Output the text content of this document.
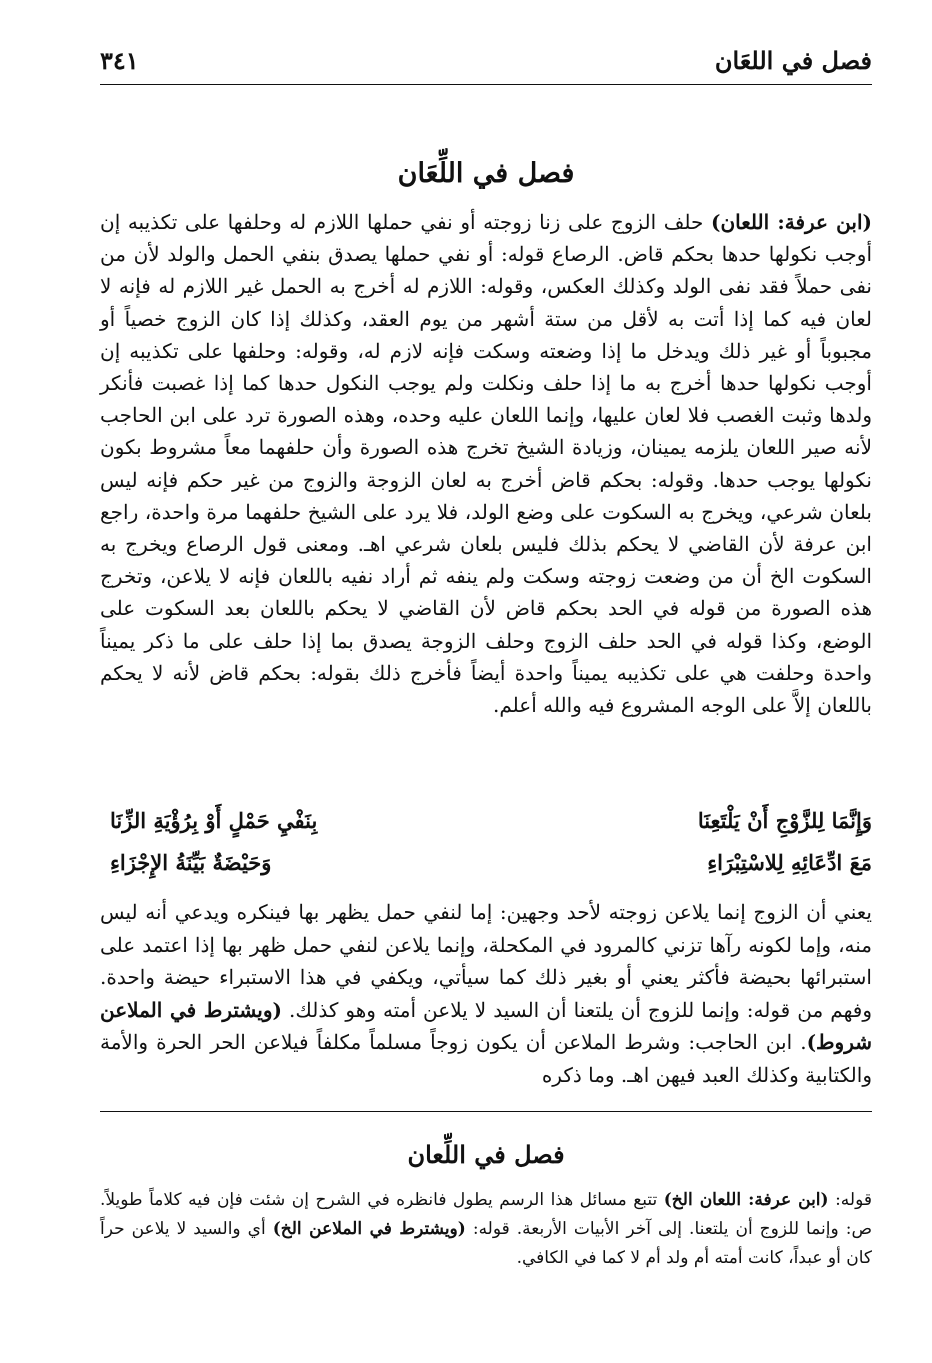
فصل في اللعَان
٣٤١
فصل في اللِّعَان

(ابن عرفة: اللعان) حلف الزوج على زنا زوجته أو نفي حملها اللازم له وحلفها على تكذيبه إن أوجب نكولها حدها بحكم قاض. الرصاع قوله: أو نفي حملها يصدق بنفي الحمل والولد لأن من نفى حملاً فقد نفى الولد وكذلك العكس، وقوله: اللازم له أخرج به الحمل غير اللازم له فإنه لا لعان فيه كما إذا أتت به لأقل من ستة أشهر من يوم العقد، وكذلك إذا كان الزوج خصياً أو مجبوباً أو غير ذلك ويدخل ما إذا وضعته وسكت فإنه لازم له، وقوله: وحلفها على تكذيبه إن أوجب نكولها حدها أخرج به ما إذا حلف ونكلت ولم يوجب النكول حدها كما إذا غصبت فأنكر ولدها وثبت الغصب فلا لعان عليها، وإنما اللعان عليه وحده، وهذه الصورة ترد على ابن الحاجب لأنه صير اللعان يلزمه يمينان، وزيادة الشيخ تخرج هذه الصورة وأن حلفهما معاً مشروط بكون نكولها يوجب حدها. وقوله: بحكم قاض أخرج به لعان الزوجة والزوج من غير حكم فإنه ليس بلعان شرعي، ويخرج به السكوت على وضع الولد، فلا يرد على الشيخ حلفهما مرة واحدة، راجع ابن عرفة لأن القاضي لا يحكم بذلك فليس بلعان شرعي اهـ. ومعنى قول الرصاع ويخرج به السكوت الخ أن من وضعت زوجته وسكت ولم ينفه ثم أراد نفيه باللعان فإنه لا يلاعن، وتخرج هذه الصورة من قوله في الحد بحكم قاض لأن القاضي لا يحكم باللعان بعد السكوت على الوضع، وكذا قوله في الحد حلف الزوج وحلف الزوجة يصدق بما إذا حلف على ما ذكر يميناً واحدة وحلفت هي على تكذيبه يميناً واحدة أيضاً فأخرج ذلك بقوله: بحكم قاض لأنه لا يحكم باللعان إلاَّ على الوجه المشروع فيه والله أعلم.

وَإِنَّمَا لِلزَّوْجِ أَنْ يَلْتَعِنَا
بِنَفْيِ حَمْلٍ أَوْ بِرُؤْيَةِ الزِّنَا
مَعَ ادِّعَائِهِ لِلاسْتِبْرَاءِ
وَحَيْضَةٌ بَيِّنَةُ الإِجْزَاءِ
يعني أن الزوج إنما يلاعن زوجته لأحد وجهين: إما لنفي حمل يظهر بها فينكره ويدعي أنه ليس منه، وإما لكونه رآها تزني كالمرود في المكحلة، وإنما يلاعن لنفي حمل ظهر بها إذا اعتمد على استبرائها بحيضة فأكثر يعني أو بغير ذلك كما سيأتي، ويكفي في هذا الاستبراء حيضة واحدة. وفهم من قوله: وإنما للزوج أن يلتعنا أن السيد لا يلاعن أمته وهو كذلك. (ويشترط في الملاعن شروط). ابن الحاجب: وشرط الملاعن أن يكون زوجاً مسلماً مكلفاً فيلاعن الحر الحرة والأمة والكتابية وكذلك العبد فيهن اهـ. وما ذكره
فصل في اللِّعان
قوله: (ابن عرفة: اللعان الخ) تتبع مسائل هذا الرسم يطول فانظره في الشرح إن شئت فإن فيه كلاماً طويلاً. ص: وإنما للزوج أن يلتعنا. إلى آخر الأبيات الأربعة. قوله: (ويشترط في الملاعن الخ) أي والسيد لا يلاعن حراً كان أو عبداً، كانت أمته أم ولد أم لا كما في الكافي.
